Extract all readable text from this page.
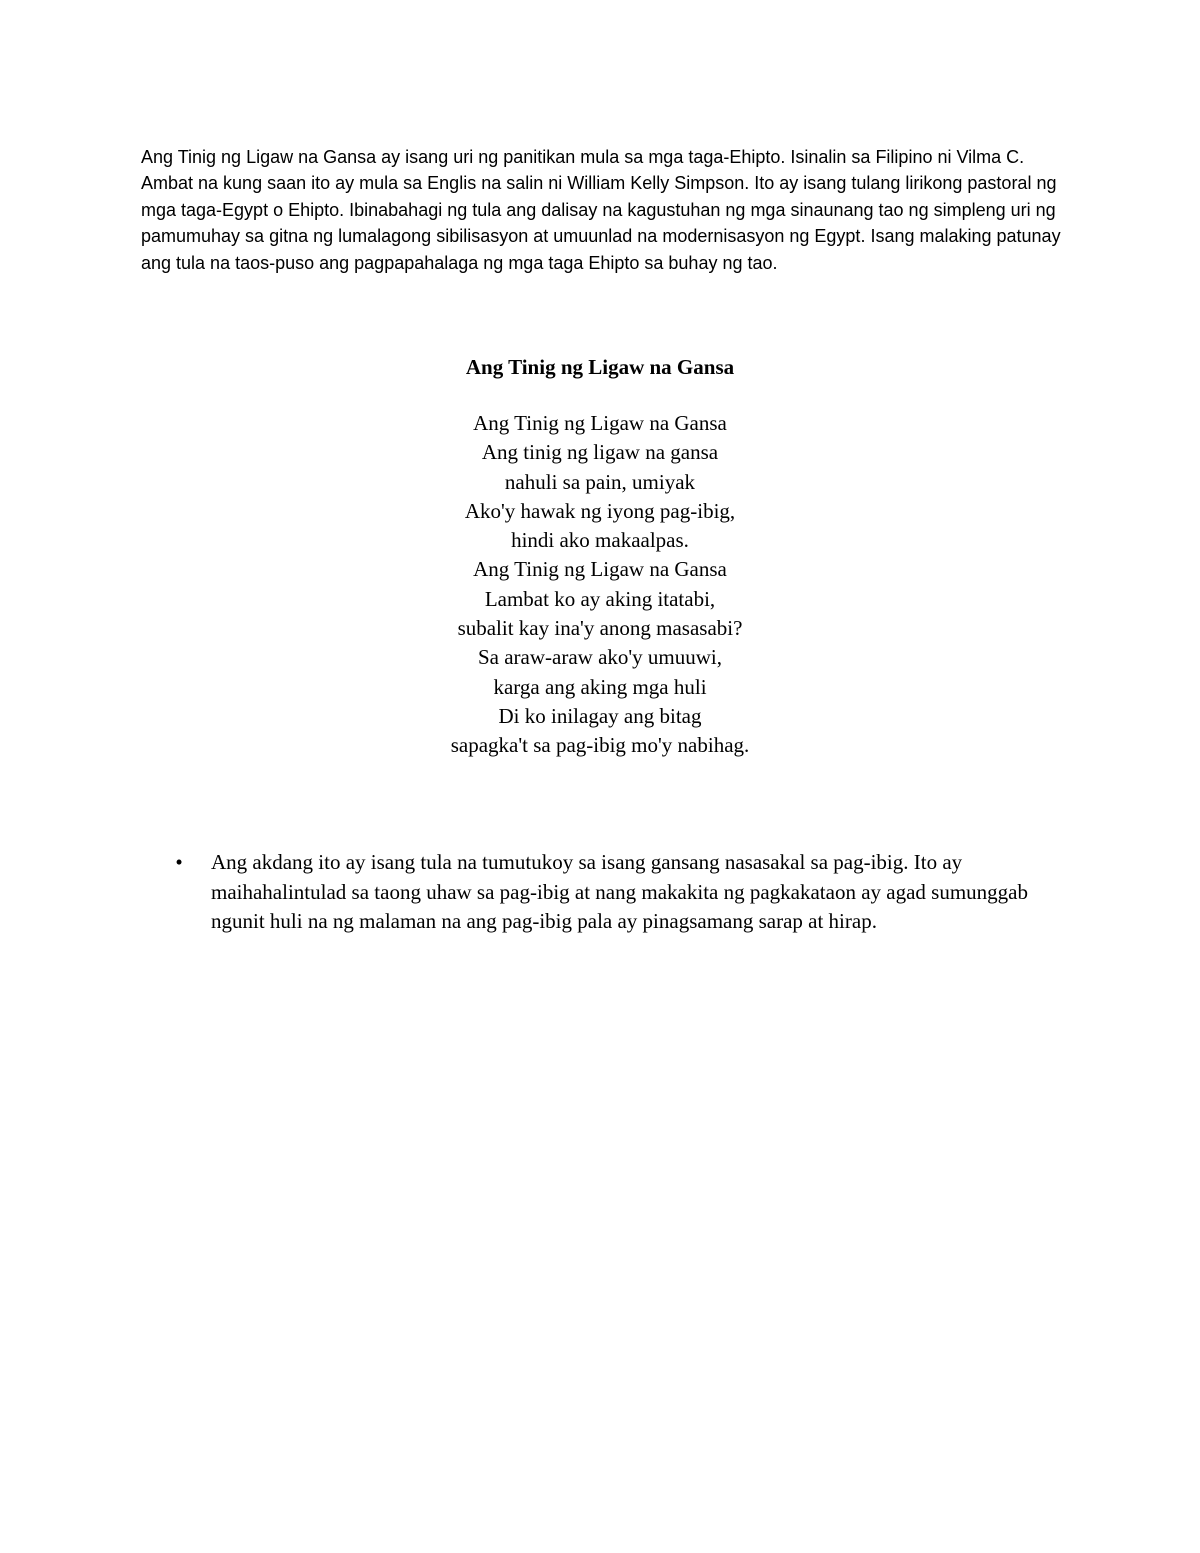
Ang Tinig ng Ligaw na Gansa ay isang uri ng panitikan mula sa mga taga-Ehipto. Isinalin sa Filipino ni Vilma C. Ambat na kung saan ito ay mula sa Englis na salin ni William Kelly Simpson. Ito ay isang tulang lirikong pastoral ng mga taga-Egypt o Ehipto. Ibinabahagi ng tula ang dalisay na kagustuhan ng mga sinaunang tao ng simpleng uri ng pamumuhay sa gitna ng lumalagong sibilisasyon at umuunlad na modernisasyon ng Egypt. Isang malaking patunay ang tula na taos-puso ang pagpapahalaga ng mga taga Ehipto sa buhay ng tao.

Ang Tinig ng Ligaw na Gansa
Ang Tinig ng Ligaw na Gansa
Ang tinig ng ligaw na gansa
nahuli sa pain, umiyak
Ako'y hawak ng iyong pag-ibig,
hindi ako makaalpas.
Ang Tinig ng Ligaw na Gansa
Lambat ko ay aking itatabi,
subalit kay ina'y anong masasabi?
Sa araw-araw ako'y umuuwi,
karga ang aking mga huli
Di ko inilagay ang bitag
sapagka't sa pag-ibig mo'y nabihag.
• Ang akdang ito ay isang tula na tumutukoy sa isang gansang nasasakal sa pag-ibig. Ito ay maihahalintulad sa taong uhaw sa pag-ibig at nang makakita ng pagkakataon ay agad sumunggab ngunit huli na ng malaman na ang pag-ibig pala ay pinagsamang sarap at hirap.
